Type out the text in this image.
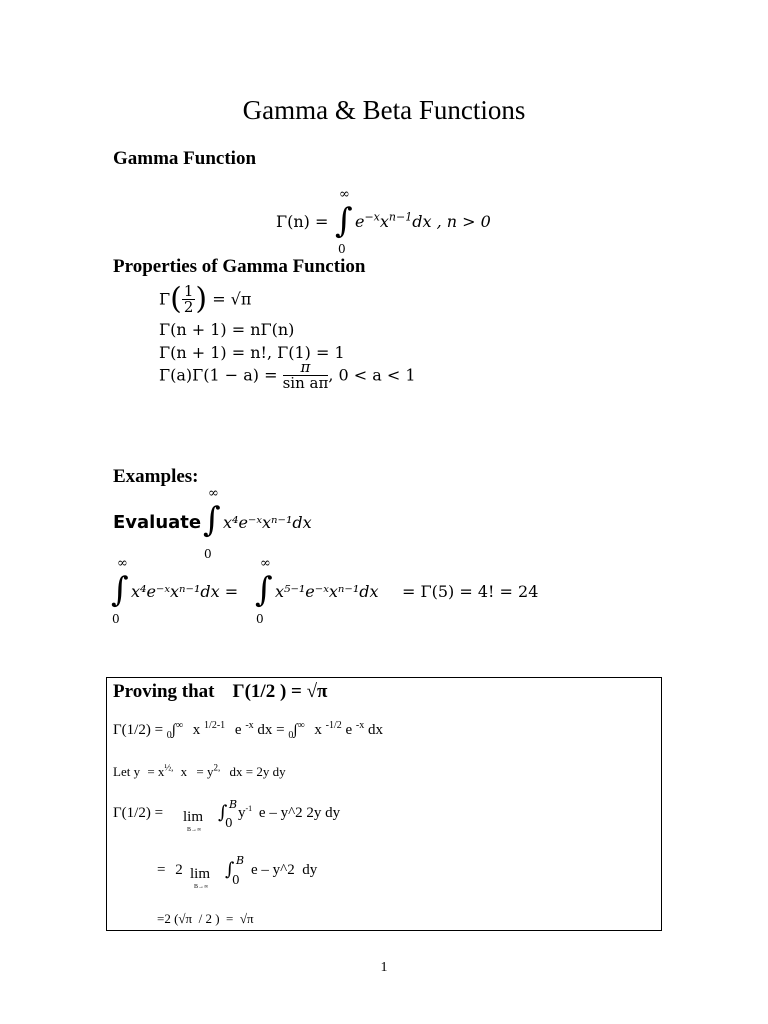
Gamma & Beta Functions
Gamma Function
Γ(n) =
∞
∫
0
$e^{-x}x^{n-1}dx$ , n > 0
Properties of Gamma Function
$\Gamma( \frac{1}{2}$ ) = √π
Γ(n + 1) = nΓ(n)
Γ(n + 1) = n!, Γ(1) = 1
$\Gamma(a)\Gamma(1 - a) = \frac{\pi}{\text{sin aπ}}$ , 0 < a < 1
Examples:
Evaluate
∞
∫
0
x⁴e⁻ˣxⁿ⁻¹dx
∞
∫
0
x⁴e⁻ˣxⁿ⁻¹dx =
∞
∫
0
x⁵⁻¹e⁻ˣxⁿ⁻¹dx = Γ(5) = 4! = 24
Proving that Γ(1/2 ) = √π
Γ(1/2) = $_0$∫∞ x $^{1/2-1}$ e $^{-x}$ dx = $_0$∫∞ x $^{-1/2}$ e $^{-x}$ dx
Let $y = x^{\frac{1}{2},}$ $x = y^{2,}$ dx = 2y dy
Γ(1/2) = lim
B→∞
∫ B
0
$y^{-1}$ e – y^2 2y dy
= 2 lim
B→∞
∫ B
0
e – y^2  dy
=2 (√π  / 2 )  =  √π
1
